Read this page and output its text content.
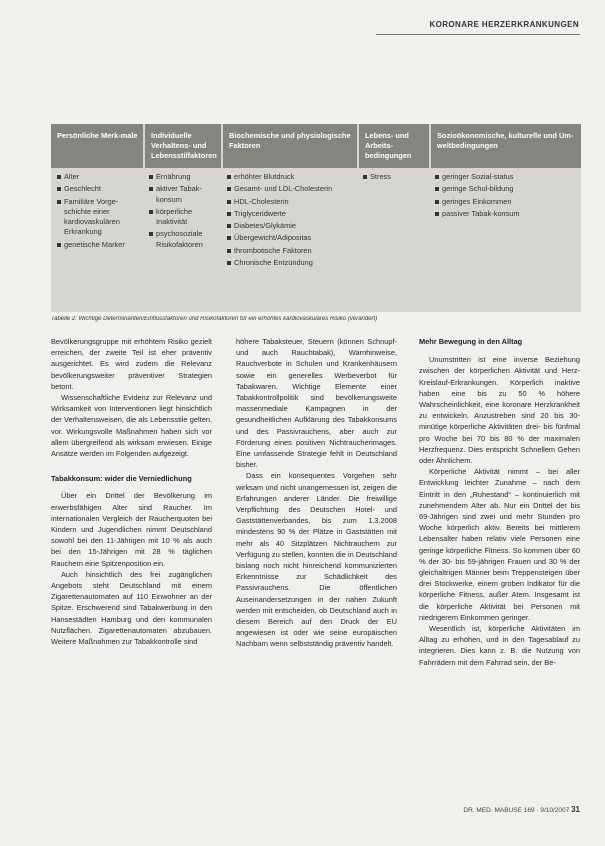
KORONARE HERZERKRANKUNGEN
Persönliche Merk-male	Individuelle Verhaltens- und Lebensstilfaktoren
Biochemische und physiologische Faktoren
Lebens- und Arbeits-bedingungen
Sozioökonomische, kulturelle und Um-weltbedingungen
Alter
Geschlecht
Familiäre Vorge-schichte einer kardiovaskulären Erkrankung
genetische Marker
Ernährung
aktiver Tabak-konsum
körperliche Inaktivität
psychosoziale Risikofaktoren
erhöhter Blutdruck
Gesamt- und LDL-Cholesterin
HDL-Cholesterin
Triglyceridwerte
Diabetes/Glykämie
Übergewicht/Adipositas
thrombotische Faktoren
Chronische Entzündung
Stress	geringer Sozial-status
geringe Schul-bildung
geringes Einkommen
passiver Tabak-konsum
Tabelle 2: Wichtige Determinanten/Einflussfaktoren und Risikofaktoren für ein erhöhtes kardiovaskuläres Risiko (verändert)

Bevölkerungsgruppe mit erhöhtem Risiko gezielt erreichen, der zweite Teil ist eher präventiv ausgerichtet. Es wird zudem die Relevanz bevölkerungsweiter präventiver Strategien betont.

Wissenschaftliche Evidenz zur Relevanz und Wirksamkeit von Interventionen liegt hinsichtlich der Verhaltensweisen, die als Lebensstile gelten, vor. Wirkungsvolle Maßnahmen haben sich vor allem übergreifend als wirksam erwiesen. Einige Ansätze werden im Folgenden aufgezeigt.

Tabakkonsum: wider die Verniedlichung

Über ein Drittel der Bevölkerung im erwerbsfähigen Alter sind Raucher. Im internationalen Vergleich der Raucherquoten bei Kindern und Jugendlichen nimmt Deutschland sowohl bei den 11-Jährigen mit 10 % als auch bei den 15-Jährigen mit 28 % täglichen Rauchern eine Spitzenposition ein.

Auch hinsichtlich des frei zugänglichen Angebots steht Deutschland mit einem Zigarettenautomaten auf 110 Einwohner an der Spitze. Erschwerend sind Tabakwerbung in den Hansestädten Hamburg und den kommunalen Nutzflächen. Zigarettenautomaten abzubauen. Weitere Maßnahmen zur Tabakkontrolle sind

höhere Tabaksteuer, Steuern (können Schnupf- und auch Rauchtabak), Warnhinweise, Rauchverbote in Schulen und Krankenhäusern sowie ein generelles Werbeverbot für Tabakwaren. Wichtige Elemente einer Tabakkontrollpolitik sind bevölkerungsweite massenmediale Kampagnen in der gesundheitlichen Aufklärung des Tabakkonsums und des Passivrauchens, aber auch zur Förderung eines positiven Nichtraucherimages. Eine umfassende Strategie fehlt in Deutschland bisher.

Dass ein konsequentes Vorgehen sehr wirksam und nicht unangemessen ist, zeigen die Erfahrungen anderer Länder. Die freiwillige Verpflichtung des Deutschen Hotel- und Gaststättenverbandes, bis zum 1.3.2008 mindestens 90 % der Plätze in Gaststätten mit mehr als 40 Sitzplätzen Nichtrauchern zur Verfügung zu stellen, konnten die in Deutschland bislang noch nicht hinreichend kommunizierten Erkenntnisse zur Schädlichkeit des Passivrauchens. Die öffentlichen Auseinandersetzungen in der nahen Zukunft werden mit entscheiden, ob Deutschland auch in diesem Bereich auf den Druck der EU angewiesen ist oder wie seine europäischen Nachbarn wenn selbstständig präventiv handelt.

Mehr Bewegung in den Alltag

Unumstritten ist eine inverse Beziehung zwischen der körperlichen Aktivität und Herz-Kreislauf-Erkrankungen. Körperlich inaktive haben eine bis zu 50 % höhere Wahrscheinlichkeit, eine koronare Herzkrankheit zu entwickeln. Anzustreben sind 20 bis 30-minütige körperliche Aktivitäten drei- bis fünfmal pro Woche bei 70 bis 80 % der maximalen Herzfrequenz. Dies entspricht Schnellem Gehen oder Ähnlichem.

Körperliche Aktivität nimmt – bei aller Entwicklung leichter Zunahme – nach dem Eintritt in den „Ruhestand“ – kontinuierlich mit zunehmendem Alter ab. Nur ein Drittel der bis 69-Jährigen sind zwei und mehr Stunden pro Woche körperlich aktiv. Bereits bei mittlerem Lebensalter haben relativ viele Personen eine geringe körperliche Fitness. So kommen über 60 % der 30- bis 59-jährigen Frauen und 30 % der gleichaltrigen Männer beim Treppensteigen über drei Stockwerke, einem groben Indikator für die körperliche Fitness, außer Atem. Insgesamt ist die körperliche Aktivität bei Personen mit niedrigerem Einkommen geringer.

Wesentlich ist, körperliche Aktivitäten im Alltag zu erhöhen, und in den Tagesablauf zu integrieren. Dies kann z. B. die Nutzung von Fahrrädern mit dem Fahrrad sein, der Be-

DR. MED. MABUSE 169 · 9/10/2007 31
